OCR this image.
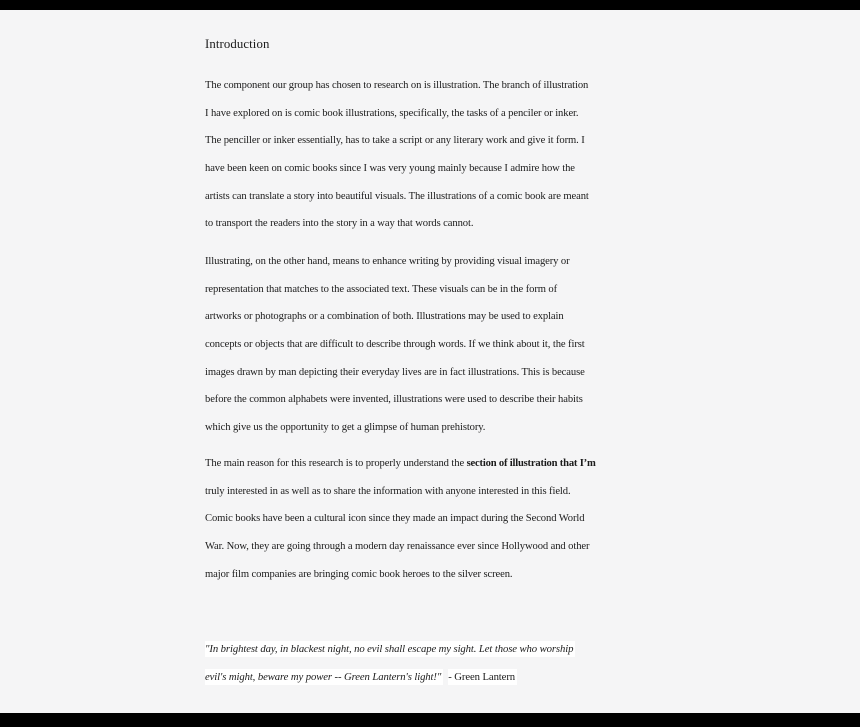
Introduction
The component our group has chosen to research on is illustration. The branch of illustration
I have explored on is comic book illustrations, specifically, the tasks of a penciler or inker.
The penciller or inker essentially, has to take a script or any literary work and give it form. I
have been keen on comic books since I was very young mainly because I admire how the
artists can translate a story into beautiful visuals. The illustrations of a comic book are meant
to transport the readers into the story in a way that words cannot.
Illustrating, on the other hand, means to enhance writing by providing visual imagery or
representation that matches to the associated text. These visuals can be in the form of
artworks or photographs or a combination of both. Illustrations may be used to explain
concepts or objects that are difficult to describe through words. If we think about it, the first
images drawn by man depicting their everyday lives are in fact illustrations. This is because
before the common alphabets were invented, illustrations were used to describe their habits
which give us the opportunity to get a glimpse of human prehistory.
The main reason for this research is to properly understand the section of illustration that I’m
truly interested in as well as to share the information with anyone interested in this field.
Comic books have been a cultural icon since they made an impact during the Second World
War. Now, they are going through a modern day renaissance ever since Hollywood and other
major film companies are bringing comic book heroes to the silver screen.
"In brightest day, in blackest night, no evil shall escape my sight. Let those who worship
evil's might, beware my power -- Green Lantern's light!" - Green Lantern
